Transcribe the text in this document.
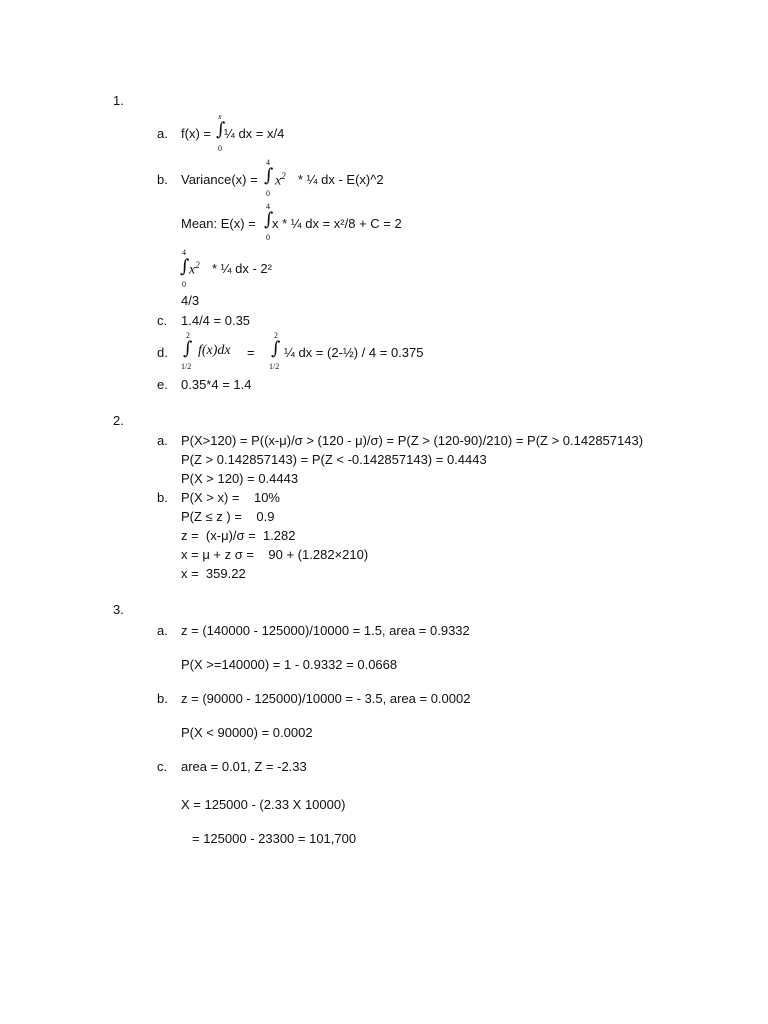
1.
a. f(x) =
x
∫
0
¼ dx = x/4
b. Variance(x) =
4
∫
0
$x^2$ * ¼ dx - E(x)^2
Mean: E(x) =
4
∫
0
x * ¼ dx = x²/8 + C = 2
4
∫
0
$x^2$ * ¼ dx - 2²
4/3
c. 1.4/4 = 0.35
d.
2
∫
1/2
f(x)dx =
2
∫
1/2
¼ dx = (2-½) / 4 = 0.375
e. 0.35*4 = 1.4
2.
a. P(X>120) = P((x-μ)/σ > (120 - μ)/σ) = P(Z > (120-90)/210) = P(Z > 0.142857143)
P(Z > 0.142857143) = P(Z < -0.142857143) = 0.4443
P(X > 120) = 0.4443
b. P(X > x) =    10%
P(Z ≤ z ) =    0.9
z =  (x-μ)/σ =  1.282
x = μ + z σ =    90 + (1.282×210)
x =  359.22
3.
a. z = (140000 - 125000)/10000 = 1.5, area = 0.9332
P(X >=140000) = 1 - 0.9332 = 0.0668
b. z = (90000 - 125000)/10000 = - 3.5, area = 0.0002
P(X < 90000) = 0.0002
c. area = 0.01, Z = -2.33
X = 125000 - (2.33 X 10000)
= 125000 - 23300 = 101,700
